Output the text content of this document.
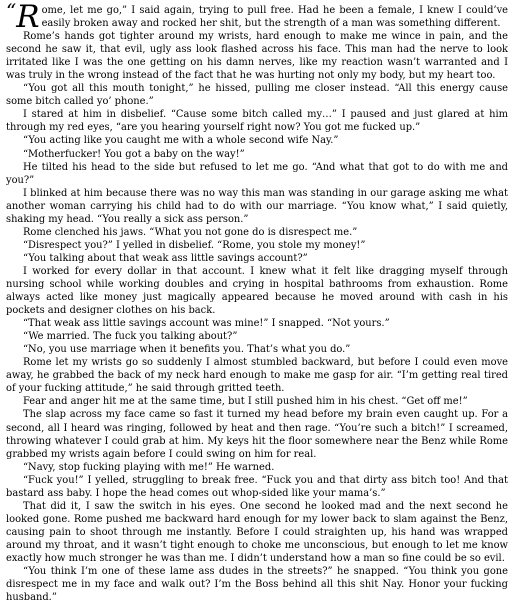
“R ome, let me go,” I said again, trying to pull free. Had he been a female, I knew I could’ve easily broken away and rocked her shit, but the strength of a man was something different.

Rome’s hands got tighter around my wrists, hard enough to make me wince in pain, and the second he saw it, that evil, ugly ass look flashed across his face. This man had the nerve to look irritated like I was the one getting on his damn nerves, like my reaction wasn’t warranted and I was truly in the wrong instead of the fact that he was hurting not only my body, but my heart too.

“You got all this mouth tonight,” he hissed, pulling me closer instead. “All this energy cause some bitch called yo’ phone.”

I stared at him in disbelief. “Cause some bitch called my…” I paused and just glared at him through my red eyes, “are you hearing yourself right now? You got me fucked up.”

“You acting like you caught me with a whole second wife Nay.”

“Motherfucker! You got a baby on the way!”

He tilted his head to the side but refused to let me go. “And what that got to do with me and you?”

I blinked at him because there was no way this man was standing in our garage asking me what another woman carrying his child had to do with our marriage. “You know what,” I said quietly, shaking my head. “You really a sick ass person.”

Rome clenched his jaws. “What you not gone do is disrespect me.”

“Disrespect you?” I yelled in disbelief. “Rome, you stole my money!”

“You talking about that weak ass little savings account?”

I worked for every dollar in that account. I knew what it felt like dragging myself through nursing school while working doubles and crying in hospital bathrooms from exhaustion. Rome always acted like money just magically appeared because he moved around with cash in his pockets and designer clothes on his back.

“That weak ass little savings account was mine!” I snapped. “Not yours.”

“We married. The fuck you talking about?”

“No, you use marriage when it benefits you. That’s what you do.”

Rome let my wrists go so suddenly I almost stumbled backward, but before I could even move away, he grabbed the back of my neck hard enough to make me gasp for air. “I’m getting real tired of your fucking attitude,” he said through gritted teeth.

Fear and anger hit me at the same time, but I still pushed him in his chest. “Get off me!”

The slap across my face came so fast it turned my head before my brain even caught up. For a second, all I heard was ringing, followed by heat and then rage. “You’re such a bitch!” I screamed, throwing whatever I could grab at him. My keys hit the floor somewhere near the Benz while Rome grabbed my wrists again before I could swing on him for real.

“Navy, stop fucking playing with me!” He warned.

“Fuck you!” I yelled, struggling to break free. “Fuck you and that dirty ass bitch too! And that bastard ass baby. I hope the head comes out whop-sided like your mama’s.”

That did it, I saw the switch in his eyes. One second he looked mad and the next second he looked gone. Rome pushed me backward hard enough for my lower back to slam against the Benz, causing pain to shoot through me instantly. Before I could straighten up, his hand was wrapped around my throat, and it wasn’t tight enough to choke me unconscious, but enough to let me know exactly how much stronger he was than me. I didn’t understand how a man so fine could be so evil.

“You think I’m one of these lame ass dudes in the streets?” he snapped. “You think you gone disrespect me in my face and walk out? I’m the Boss behind all this shit Nay. Honor your fucking husband.”
